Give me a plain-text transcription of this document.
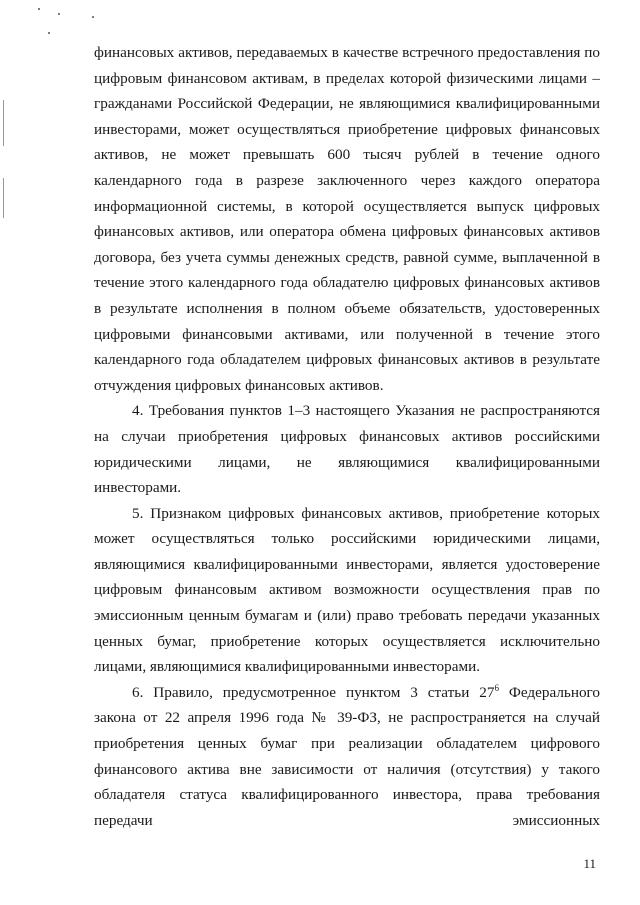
финансовых активов, передаваемых в качестве встречного предоставления по цифровым финансовом активам, в пределах которой физическими лицами – гражданами Российской Федерации, не являющимися квалифицированными инвесторами, может осуществляться приобретение цифровых финансовых активов, не может превышать 600 тысяч рублей в течение одного календарного года в разрезе заключенного через каждого оператора информационной системы, в которой осуществляется выпуск цифровых финансовых активов, или оператора обмена цифровых финансовых активов договора, без учета суммы денежных средств, равной сумме, выплаченной в течение этого календарного года обладателю цифровых финансовых активов в результате исполнения в полном объеме обязательств, удостоверенных цифровыми финансовыми активами, или полученной в течение этого календарного года обладателем цифровых финансовых активов в результате отчуждения цифровых финансовых активов.

4. Требования пунктов 1–3 настоящего Указания не распространяются на случаи приобретения цифровых финансовых активов российскими юридическими лицами, не являющимися квалифицированными инвесторами.

5. Признаком цифровых финансовых активов, приобретение которых может осуществляться только российскими юридическими лицами, являющимися квалифицированными инвесторами, является удостоверение цифровым финансовым активом возможности осуществления прав по эмиссионным ценным бумагам и (или) право требовать передачи указанных ценных бумаг, приобретение которых осуществляется исключительно лицами, являющимися квалифицированными инвесторами.

6. Правило, предусмотренное пунктом 3 статьи $27^6$ Федерального закона от 22 апреля 1996 года № 39-ФЗ, не распространяется на случай приобретения ценных бумаг при реализации обладателем цифрового финансового актива вне зависимости от наличия (отсутствия) у такого обладателя статуса квалифицированного инвестора, права требования передачи эмиссионных

11
